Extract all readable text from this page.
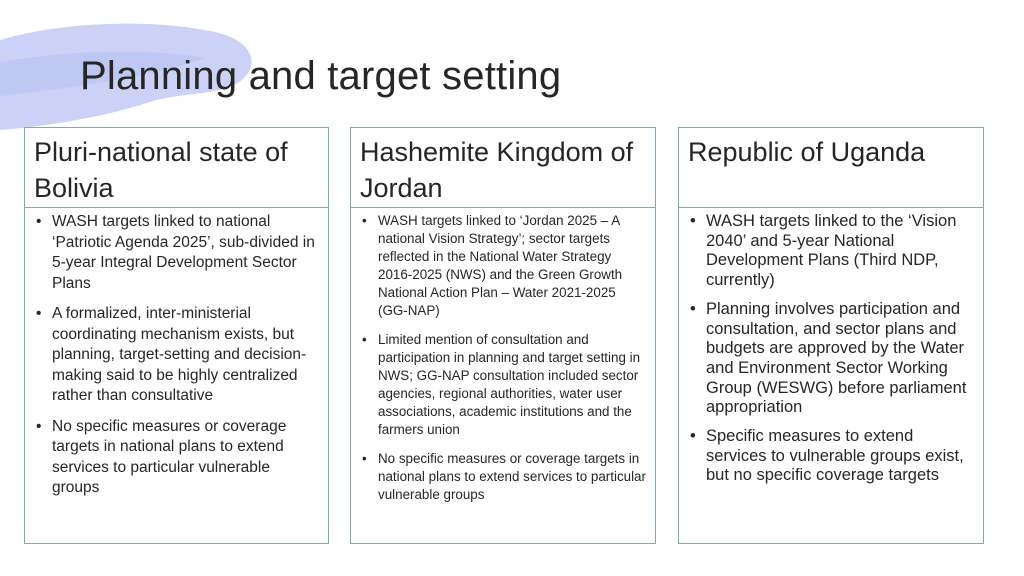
Planning and target setting
Pluri-national state of Bolivia
• WASH targets linked to national ‘Patriotic Agenda 2025’, sub-divided in 5-year Integral Development Sector Plans
• A formalized, inter-ministerial coordinating mechanism exists, but planning, target-setting and decision-making said to be highly centralized rather than consultative
• No specific measures or coverage targets in national plans to extend services to particular vulnerable groups
Hashemite Kingdom of Jordan
• WASH targets linked to ‘Jordan 2025 – A national Vision Strategy’; sector targets reflected in the National Water Strategy 2016-2025 (NWS) and the Green Growth National Action Plan – Water 2021-2025 (GG-NAP)
• Limited mention of consultation and participation in planning and target setting in NWS; GG-NAP consultation included sector agencies, regional authorities, water user associations, academic institutions and the farmers union
• No specific measures or coverage targets in national plans to extend services to particular vulnerable groups
Republic of Uganda
• WASH targets linked to the ‘Vision 2040’ and 5-year National Development Plans (Third NDP, currently)
• Planning involves participation and consultation, and sector plans and budgets are approved by the Water and Environment Sector Working Group (WESWG) before parliament appropriation
• Specific measures to extend services to vulnerable groups exist, but no specific coverage targets
